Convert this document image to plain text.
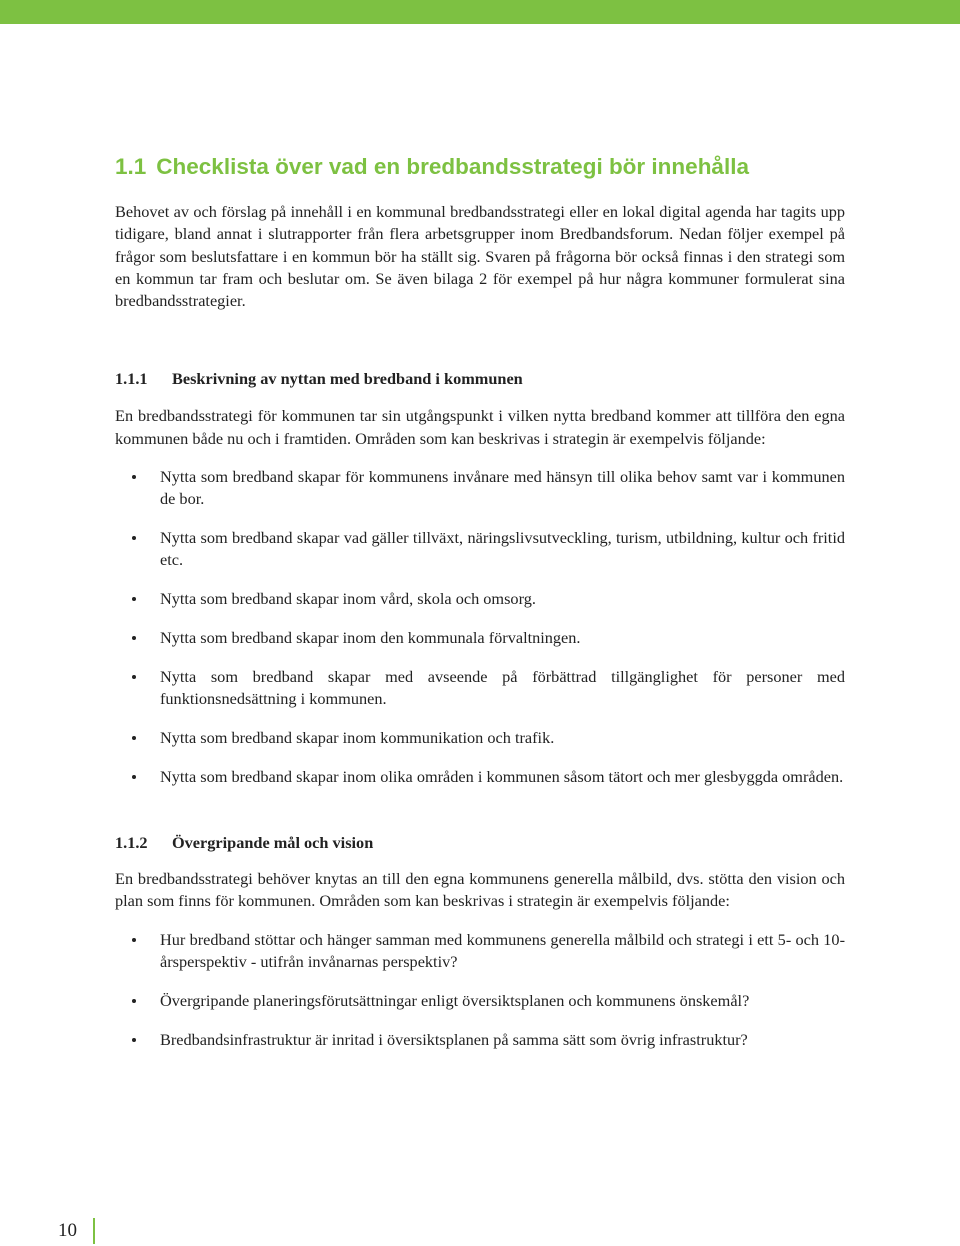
1.1 Checklista över vad en bredbandsstrategi bör innehålla

Behovet av och förslag på innehåll i en kommunal bredbandsstrategi eller en lokal digital agenda har tagits upp tidigare, bland annat i slutrapporter från flera arbetsgrupper inom Bredbandsforum. Nedan följer exempel på frågor som beslutsfattare i en kommun bör ha ställt sig. Svaren på frågorna bör också finnas i den strategi som en kommun tar fram och beslutar om. Se även bilaga 2 för exempel på hur några kommuner formulerat sina bredbandsstrategier.

1.1.1 Beskrivning av nyttan med bredband i kommunen

En bredbandsstrategi för kommunen tar sin utgångspunkt i vilken nytta bredband kommer att tillföra den egna kommunen både nu och i framtiden. Områden som kan beskrivas i strategin är exempelvis följande:

Nytta som bredband skapar för kommunens invånare med hänsyn till olika behov samt var i kommunen de bor.
Nytta som bredband skapar vad gäller tillväxt, näringslivsutveckling, turism, utbildning, kultur och fritid etc.
Nytta som bredband skapar inom vård, skola och omsorg.
Nytta som bredband skapar inom den kommunala förvaltningen.
Nytta som bredband skapar med avseende på förbättrad tillgänglighet för personer med funktionsnedsättning i kommunen.
Nytta som bredband skapar inom kommunikation och trafik.
Nytta som bredband skapar inom olika områden i kommunen såsom tätort och mer glesbyggda områden.
1.1.2 Övergripande mål och vision

En bredbandsstrategi behöver knytas an till den egna kommunens generella målbild, dvs. stötta den vision och plan som finns för kommunen. Områden som kan beskrivas i strategin är exempelvis följande:

Hur bredband stöttar och hänger samman med kommunens generella målbild och strategi i ett 5- och 10-årsperspektiv - utifrån invånarnas perspektiv?
Övergripande planeringsförutsättningar enligt översiktsplanen och kommunens önskemål?
Bredbandsinfrastruktur är inritad i översiktsplanen på samma sätt som övrig infrastruktur?
10
